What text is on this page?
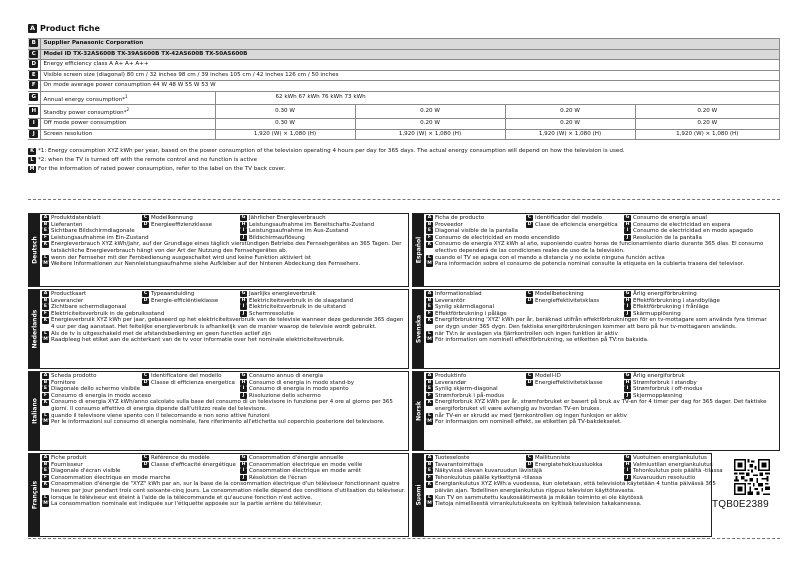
A Product fiche
B	Supplier Panasonic Corporation				
C	Model ID TX-32AS600B TX-39AS600B TX-42AS600B TX-50AS600B				
D	Energy efficiency class A A+ A+ A++				
E	Visible screen size (diagonal) 80 cm / 32 inches 98 cm / 39 inches 105 cm / 42 inches 126 cm / 50 inches				
F	On mode average power consumption 44 W 48 W 55 W 53 W				
G	Annual energy consumption*$^1$	62 kWh 67 kWh 76 kWh 73 kWh			
H	Standby power consumption*$^2$	0.30 W	0.20 W	0.20 W	0.20 W
I	Off mode power consumption	0.30 W	0.20 W	0.20 W	0.20 W
J	Screen resolution	1,920 (W) × 1,080 (H)	1,920 (W) × 1,080 (H)	1,920 (W) × 1,080 (H)	1,920 (W) × 1,080 (H)
K *1: Energy consumption XYZ kWh per year, based on the power consumption of the television operating 4 hours per day for 365 days. The actual energy consumption will depend on how the television is used.
L *2: when the TV is turned off with the remote control and no function is active
M For the information of rated power consumption, refer to the label on the TV back cover.
Deutsch
A Produktdatenblatt	C Modellkennung	G Jährlicher Energieverbrauch
B Lieferanten	D Energieeffizienzklasse	H Leistungsaufnahme im Bereitschafts-Zustand
E Sichtbare Bildschirmdiagonale	I Leistungsaufnahme im Aus-Zustand
F Leistungsaufnahme im Ein-Zustand	J Bildschirmauflösung
K Energieverbrauch XYZ kWh/Jahr, auf der Grundlage eines täglich vierstündigen Betriebs des Fernsehgerätes an 365 Tagen. Der tatsächliche Energieverbrauch hängt von der Art der Nutzung des Fernsehgerätes ab.
L wenn der Fernseher mit der Fernbedienung ausgeschaltet wird und keine Funktion aktiviert ist
M Weitere Informationen zur Nennleistungsaufnahme siehe Aufkleber auf der hinteren Abdeckung des Fernsehers.
Nederlands
A Productkaart	C Typeaanduiding	G Jaarlijks energieverbruik
B Leverancier	D Energie-efficiëntieklasse	H Elektriciteitsverbruik in de slaapstand
E Zichtbare schermdiagonaal	I Elektriciteitsverbruik in de uitstand
F Elektriciteitsverbruik in de gebruiksstand	J Schermresolutie
K Energieverbruik XYZ kWh per jaar, gebaseerd op het elektriciteitsverbruik van de televisie wanneer deze gedurende 365 dagen 4 uur per dag aanstaat. Het feitelijke energieverbruik is afhankelijk van de manier waarop de televisie wordt gebruikt.
L Als de tv is uitgeschakeld met de afstandsbediening en geen functies actief zijn
M Raadpleeg het etiket aan de achterkant van de tv voor informatie over het nominale elektriciteitsverbruik.
Italiano
A Scheda prodotto	C Identificatore del modello	G Consumo annuo di energia
B Fornitore	D Classe di efficienza energetica	H Consumo di energia in modo stand-by
E Diagonale dello schermo visibile	I Consumo di energia in modo spento
F Consumo di energia in modo acceso	J Risoluzione dello schermo
K Consumo di energia XYZ kWh/anno calcolato sulla base del consumo di un televisore in funzione per 4 ore al giorno per 365 giorni. Il consumo effettivo di energia dipende dall'utilizzo reale del televisore.
L quando il televisore viene spento con il telecomando e non sono attive funzioni
M Per le informazioni sul consumo di energia nominale, fare riferimento all'etichetta sul coperchio posteriore del televisore.
Français
A Fiche produit	C Référence du modèle	G Consommation d'énergie annuelle
B Fournisseur	D Classe d'efficacité énergétique	H Consommation électrique en mode veille
E Diagonale d'écran visible	I Consommation électrique en mode arrêt
F Consommation électrique en mode marche	J Résolution de l'écran
K Consommation d'énergie de "XYZ" kWh par an, sur la base de la consommation électrique d'un téléviseur fonctionnant quatre heures par jour pendant trois cent soixante-cinq jours. La consommation réelle dépend des conditions d'utilisation du téléviseur.
L lorsque le téléviseur est éteint à l'aide de la télécommande et qu'aucune fonction n'est active.
M La consommation nominale est indiquée sur l'étiquette apposée sur la partie arrière du téléviseur.
Español
A Ficha de producto	C Identificador del modelo	G Consumo de energía anual
B Proveedor	D Clase de eficiencia energética	H Consumo de electricidad en espera
E Diagonal visible de la pantalla	I Consumo de electricidad en modo apagado
F Consumo de electricidad en modo encendido	J Resolución de la pantalla
K Consumo de energía XYZ kWh al año, suponiendo cuatro horas de funcionamiento diario durante 365 días. El consumo efectivo dependerá de las condiciones reales de uso de la televisión.
L cuando el TV se apaga con el mando a distancia y no existe ninguna función activa
M Para información sobre el consumo de potencia nominal consulte la etiqueta en la cubierta trasera del televisor.
Svenska
A Informationsblad	C Modellbeteckning	G Årlig energiförbrukning
B Leverantör	D Energieffektivitetsklass	H Effektförbrukning i standbyläge
E Synlig skärmdiagonal	I Effektförbrukning i frånläge
F Effektförbrukning i påläge	J Skärmupplösning
K Energiförbrukning 'XYZ' kWh per år, beräknad utifrån effektförbrukningen för en tv-mottagare som används fyra timmar per dygn under 365 dygn. Den faktiska energiförbrukningen kommer att bero på hur tv-mottagaren används.
L när TV:n är avslagen via fjärrkontrollen och ingen funktion är aktiv
M För information om nominell effektförbrukning, se etiketten på TV:ns baksida.
Norsk
A Produktinfo	C Modell-ID	G Årlig energiforbruk
B Leverandør	D Energieffektivitetsklasse	H Strømforbruk i standby
E Synlig skjerm-diagonal	I Strømforbruk i off-modus
F Strømforbruk i på-modus	J Skjermoppløsning
K Energiforbruk XYZ kWh per år, strømforbruket er basert på bruk av TV-en for 4 timer per dag for 365 dager. Det faktiske energiforbruket vil være avhengig av hvordan TV-en brukes.
L når TV-en er skrudd av med fjernkontrollen og ingen funksjon er aktiv
M For informasjon om nominell effekt, se etiketten på TV-bakdekselet.
Suomi
A Tuoteseloste	C Mallitunniste	G Vuotuinen energiankulutus
B Tavarantoimittaja	D Energiatehokkuusluokka	H Valmiustilan energiankulutus
E Näkyvissä olevan kuvaruudun lävistäjä	I Tehonkulutus pois päältä -tilassa
F Tehonkulutus päälle kytkettynä -tilassa	J Kuvaruudun resoluutio
K Energiankulutus XYZ kWh:a vuodessa, kun oletetaan, että televisiota käytetään 4 tuntia päivässä 365 päivän ajan. Todellinen energiankulutus riippuu television käyttötavasta.
L Kun TV on sammutettu kaukosäätimestä ja mikään toiminto ei ole käytössä
M Tietoja nimellisestä virrankulutuksesta on kyltissä television takakannessa.	TQB0E2389
